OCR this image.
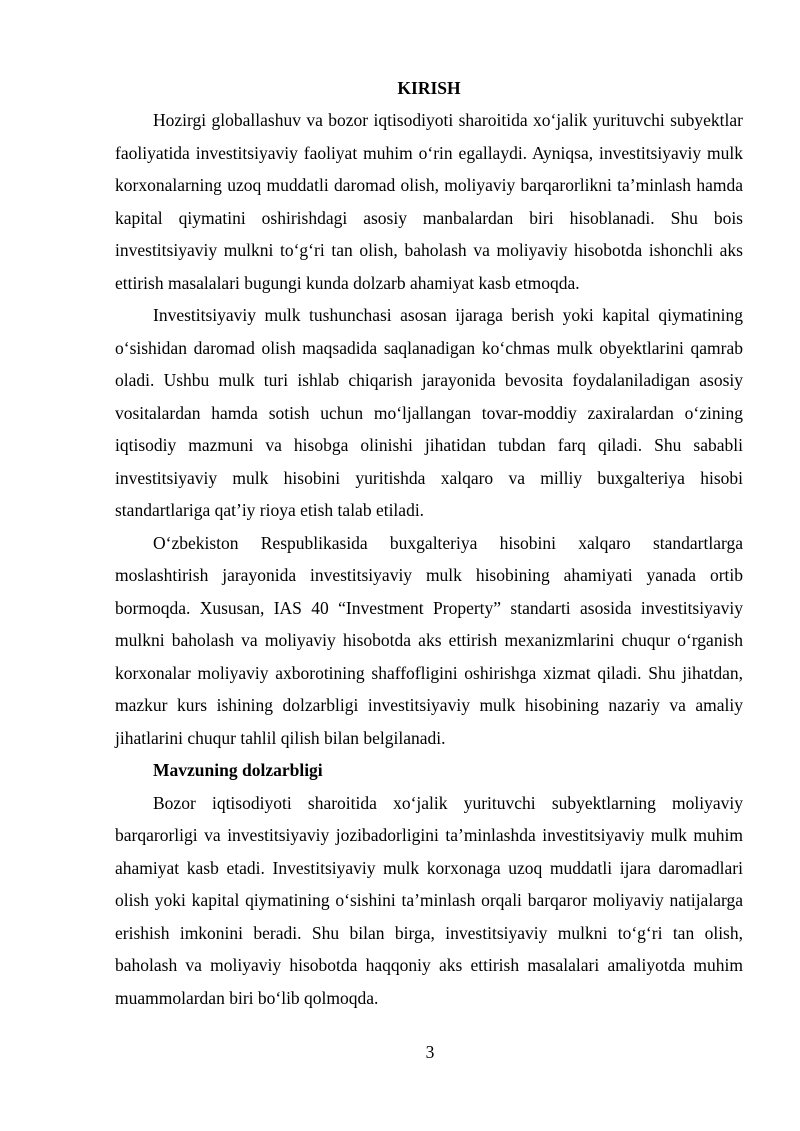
KIRISH

Hozirgi globallashuv va bozor iqtisodiyoti sharoitida xo‘jalik yurituvchi subyektlar faoliyatida investitsiyaviy faoliyat muhim o‘rin egallaydi. Ayniqsa, investitsiyaviy mulk korxonalarning uzoq muddatli daromad olish, moliyaviy barqarorlikni ta’minlash hamda kapital qiymatini oshirishdagi asosiy manbalardan biri hisoblanadi. Shu bois investitsiyaviy mulkni to‘g‘ri tan olish, baholash va moliyaviy hisobotda ishonchli aks ettirish masalalari bugungi kunda dolzarb ahamiyat kasb etmoqda.

Investitsiyaviy mulk tushunchasi asosan ijaraga berish yoki kapital qiymatining o‘sishidan daromad olish maqsadida saqlanadigan ko‘chmas mulk obyektlarini qamrab oladi. Ushbu mulk turi ishlab chiqarish jarayonida bevosita foydalaniladigan asosiy vositalardan hamda sotish uchun mo‘ljallangan tovar-moddiy zaxiralardan o‘zining iqtisodiy mazmuni va hisobga olinishi jihatidan tubdan farq qiladi. Shu sababli investitsiyaviy mulk hisobini yuritishda xalqaro va milliy buxgalteriya hisobi standartlariga qat’iy rioya etish talab etiladi.

O‘zbekiston Respublikasida buxgalteriya hisobini xalqaro standartlarga moslashtirish jarayonida investitsiyaviy mulk hisobining ahamiyati yanada ortib bormoqda. Xususan, IAS 40 “Investment Property” standarti asosida investitsiyaviy mulkni baholash va moliyaviy hisobotda aks ettirish mexanizmlarini chuqur o‘rganish korxonalar moliyaviy axborotining shaffofligini oshirishga xizmat qiladi. Shu jihatdan, mazkur kurs ishining dolzarbligi investitsiyaviy mulk hisobining nazariy va amaliy jihatlarini chuqur tahlil qilish bilan belgilanadi.

Mavzuning dolzarbligi

Bozor iqtisodiyoti sharoitida xo‘jalik yurituvchi subyektlarning moliyaviy barqarorligi va investitsiyaviy jozibadorligini ta’minlashda investitsiyaviy mulk muhim ahamiyat kasb etadi. Investitsiyaviy mulk korxonaga uzoq muddatli ijara daromadlari olish yoki kapital qiymatining o‘sishini ta’minlash orqali barqaror moliyaviy natijalarga erishish imkonini beradi. Shu bilan birga, investitsiyaviy mulkni to‘g‘ri tan olish, baholash va moliyaviy hisobotda haqqoniy aks ettirish masalalari amaliyotda muhim muammolardan biri bo‘lib qolmoqda.

3
